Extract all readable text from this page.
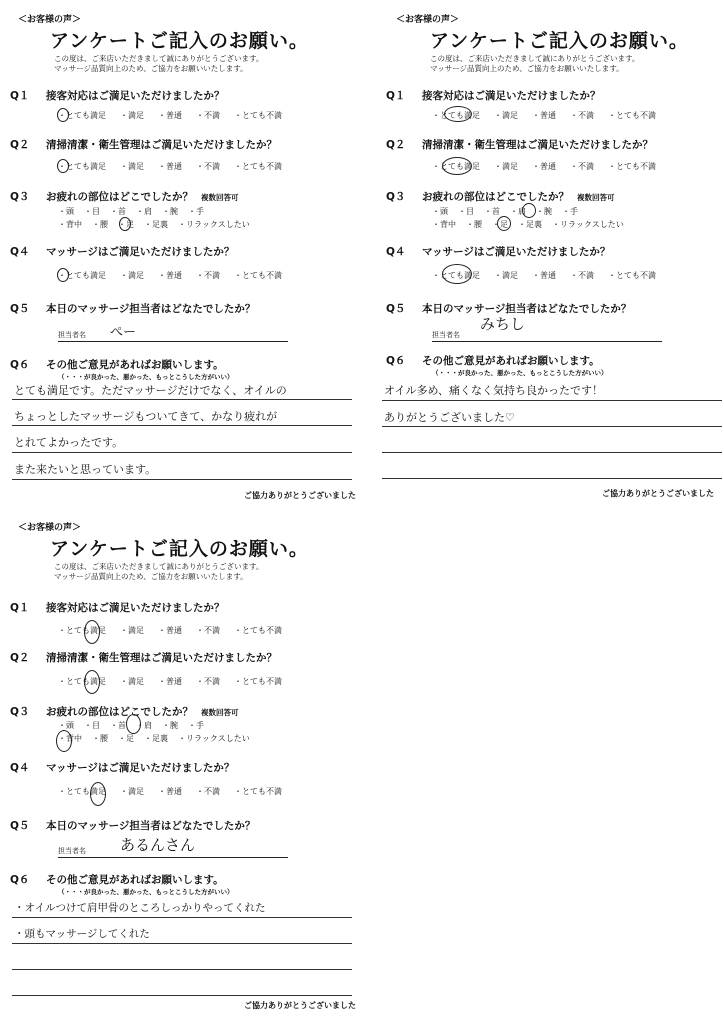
＜お客様の声＞
アンケートご記入のお願い。
この度は、ご来店いただきまして誠にありがとうございます。
マッサージ品質向上のため、ご協力をお願いいたします。
Q１ 接客対応はご満足いただけましたか？
・とても満足 ・満足 ・普通 ・不満 ・とても不満
Q２ 清掃清潔・衛生管理はご満足いただけましたか？
・とても満足 ・満足 ・普通 ・不満 ・とても不満
Q３ お疲れの部位はどこでしたか？ 複数回答可
・頭 ・目 ・首 ・肩 ・腕 ・手
・背中 ・腰 ・足 ・足裏 ・リラックスしたい
Q４ マッサージはご満足いただけましたか？
・とても満足 ・満足 ・普通 ・不満 ・とても不満
Q５ 本日のマッサージ担当者はどなたでしたか？
担当者名 ぺー
Q６ その他ご意見があればお願いします。
（・・・が良かった、悪かった、もっとこうした方がいい）
とても満足です。ただマッサージだけでなく、オイルの
ちょっとしたマッサージもついてきて、かなり疲れが
とれてよかったです。
また来たいと思っています。
ご協力ありがとうございました
＜お客様の声＞
アンケートご記入のお願い。
この度は、ご来店いただきまして誠にありがとうございます。
マッサージ品質向上のため、ご協力をお願いいたします。
Q１ 接客対応はご満足いただけましたか？
・とても満足 ・満足 ・普通 ・不満 ・とても不満
Q２ 清掃清潔・衛生管理はご満足いただけましたか？
・とても満足 ・満足 ・普通 ・不満 ・とても不満
Q３ お疲れの部位はどこでしたか？ 複数回答可
・頭 ・目 ・首 ・肩 ・腕 ・手
・背中 ・腰 ・足 ・足裏 ・リラックスしたい
Q４ マッサージはご満足いただけましたか？
・とても満足 ・満足 ・普通 ・不満 ・とても不満
Q５ 本日のマッサージ担当者はどなたでしたか？
担当者名
みちし
Q６ その他ご意見があればお願いします。
（・・・が良かった、悪かった、もっとこうした方がいい）
オイル多め、痛くなく気持ち良かったです！
ありがとうございました♡
ご協力ありがとうございました
＜お客様の声＞
アンケートご記入のお願い。
この度は、ご来店いただきまして誠にありがとうございます。
マッサージ品質向上のため、ご協力をお願いいたします。
Q１ 接客対応はご満足いただけましたか？
・とても満足 ・満足 ・普通 ・不満 ・とても不満
Q２ 清掃清潔・衛生管理はご満足いただけましたか？
・とても満足 ・満足 ・普通 ・不満 ・とても不満
Q３ お疲れの部位はどこでしたか？ 複数回答可
・頭 ・目 ・首 ・肩 ・腕 ・手
・背中 ・腰 ・足 ・足裏 ・リラックスしたい
Q４ マッサージはご満足いただけましたか？
・とても満足 ・満足 ・普通 ・不満 ・とても不満
Q５ 本日のマッサージ担当者はどなたでしたか？
担当者名 あるんさん
Q６ その他ご意見があればお願いします。
（・・・が良かった、悪かった、もっとこうした方がいい）
・オイルつけて肩甲骨のところしっかりやってくれた
・頭もマッサージしてくれた
ご協力ありがとうございました
